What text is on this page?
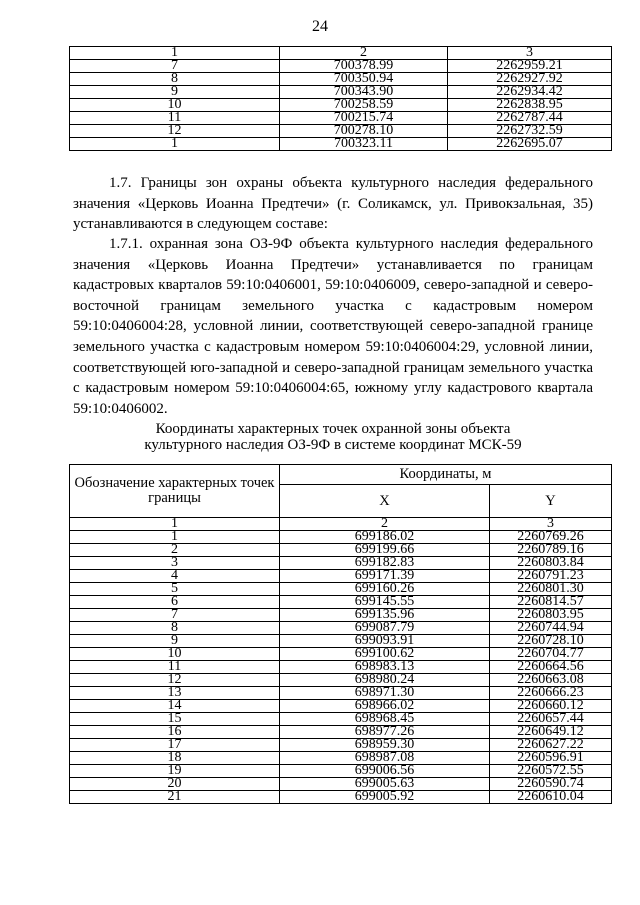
24
1	2	3
7	700378.99	2262959.21
8	700350.94	2262927.92
9	700343.90	2262934.42
10	700258.59	2262838.95
11	700215.74	2262787.44
12	700278.10	2262732.59
1	700323.11	2262695.07
1.7. Границы зон охраны объекта культурного наследия федерального значения «Церковь Иоанна Предтечи» (г. Соликамск, ул. Привокзальная, 35) устанавливаются в следующем составе:
1.7.1. охранная зона ОЗ-9Ф объекта культурного наследия федерального значения «Церковь Иоанна Предтечи» устанавливается по границам кадастровых кварталов 59:10:0406001, 59:10:0406009, северо-западной и северо-восточной границам земельного участка с кадастровым номером 59:10:0406004:28, условной линии, соответствующей северо-западной границе земельного участка с кадастровым номером 59:10:0406004:29, условной линии, соответствующей юго-западной и северо-западной границам земельного участка с кадастровым номером 59:10:0406004:65, южному углу кадастрового квартала 59:10:0406002.
Координаты характерных точек охранной зоны объекта
культурного наследия ОЗ-9Ф в системе координат МСК-59
Обозначение характерных точек границы	Координаты, м	
	X	Y
1	2	3
1	699186.02	2260769.26
2	699199.66	2260789.16
3	699182.83	2260803.84
4	699171.39	2260791.23
5	699160.26	2260801.30
6	699145.55	2260814.57
7	699135.96	2260803.95
8	699087.79	2260744.94
9	699093.91	2260728.10
10	699100.62	2260704.77
11	698983.13	2260664.56
12	698980.24	2260663.08
13	698971.30	2260666.23
14	698966.02	2260660.12
15	698968.45	2260657.44
16	698977.26	2260649.12
17	698959.30	2260627.22
18	698987.08	2260596.91
19	699006.56	2260572.55
20	699005.63	2260590.74
21	699005.92	2260610.04
